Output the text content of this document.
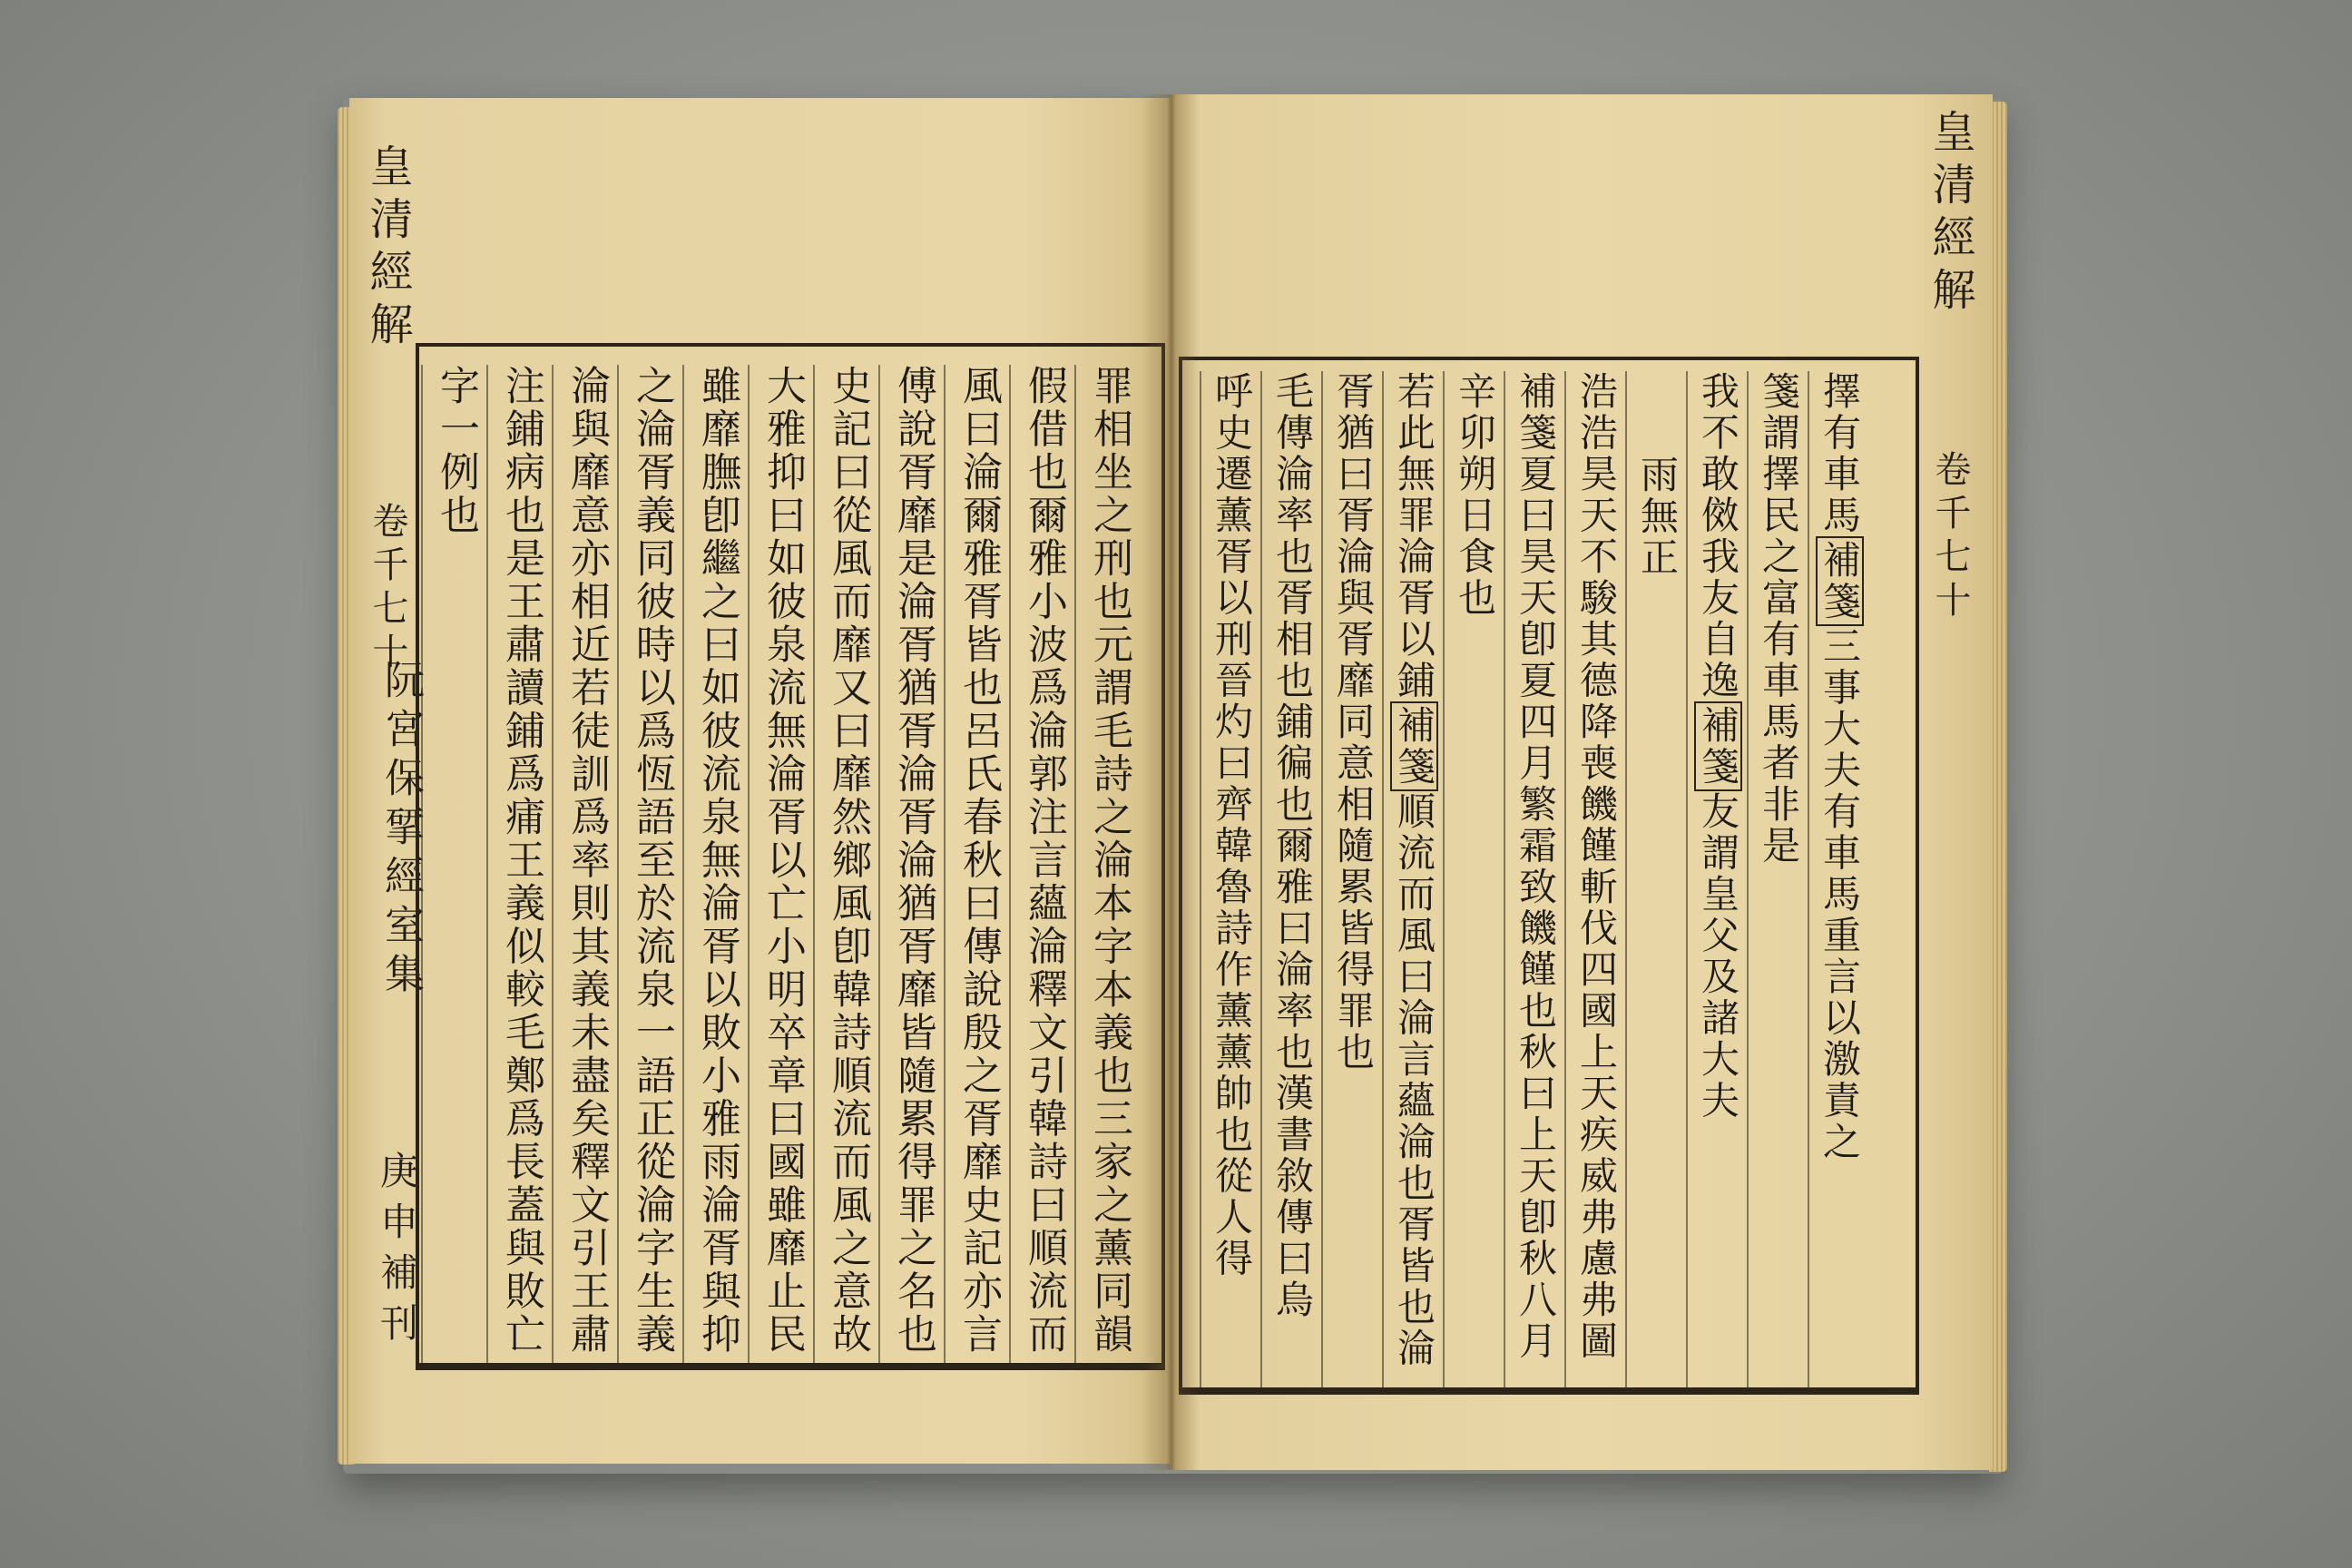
皇清經解
卷千七十
阮宮保揅經室集
庚申補刊	罪相坐之刑也元謂毛詩之淪本字本義也三家之薰同韻
假借也爾雅小波爲淪郭注言蘊淪釋文引韓詩曰順流而
風曰淪爾雅胥皆也呂氏春秋曰傳說殷之胥靡史記亦言
傅說胥靡是淪胥猶胥淪胥淪猶胥靡皆隨累得罪之名也
史記曰從風而靡又曰靡然鄉風卽韓詩順流而風之意故
大雅抑曰如彼泉流無淪胥以亡小明卒章曰國雖靡止民
雖靡膴卽繼之曰如彼流泉無淪胥以敗小雅雨淪胥與抑
之淪胥義同彼時以爲恆語至於流泉一語正從淪字生義
淪與靡意亦相近若徒訓爲率則其義未盡矣釋文引王肅
注鋪病也是王肅讀鋪爲痡王義似較毛鄭爲長蓋與敗亡
字一例也	擇有車馬補箋三事大夫有車馬重言以激責之
箋謂擇民之富有車馬者非是
我不敢傚我友自逸補箋友謂皇父及諸大夫
雨無正
浩浩昊天不駿其德降喪饑饉斬伐四國上天疾威弗慮弗圖
補箋夏曰昊天卽夏四月繁霜致饑饉也秋曰上天卽秋八月
辛卯朔日食也
若此無罪淪胥以鋪補箋順流而風曰淪言蘊淪也胥皆也淪
胥猶曰胥淪與胥靡同意相隨累皆得罪也
毛傳淪率也胥相也鋪徧也爾雅曰淪率也漢書敘傳曰烏
呼史遷薰胥以刑晉灼曰齊韓魯詩作薰薰帥也從人得
皇清經解
卷千七十
